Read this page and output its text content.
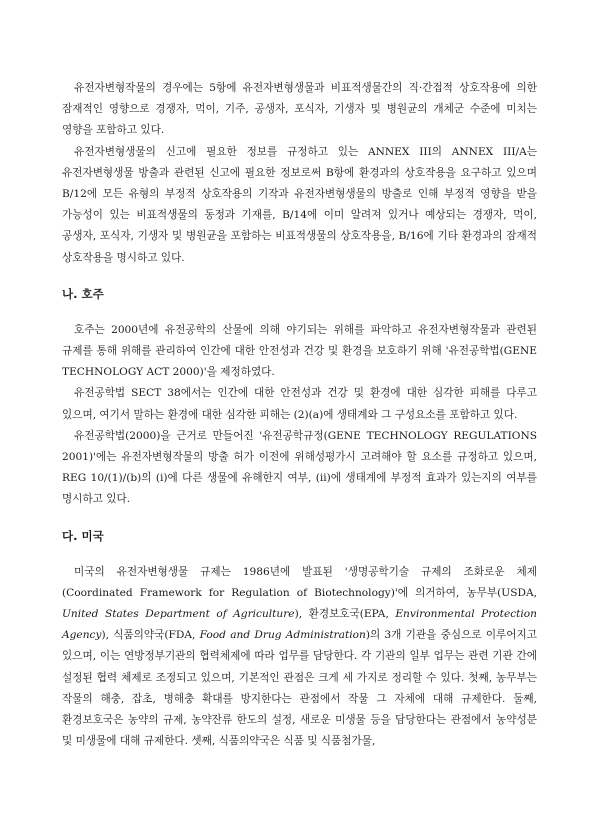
유전자변형작물의 경우에는 5항에 유전자변형생물과 비표적생물간의 직·간접적 상호작용에 의한 잠재적인 영향으로 경쟁자, 먹이, 기주, 공생자, 포식자, 기생자 및 병원균의 개체군 수준에 미치는 영향을 포함하고 있다.

유전자변형생물의 신고에 필요한 정보를 규정하고 있는 ANNEX III의 ANNEX III/A는 유전자변형생물 방출과 관련된 신고에 필요한 정보로써 B항에 환경과의 상호작용을 요구하고 있으며 B/12에 모든 유형의 부정적 상호작용의 기작과 유전자변형생물의 방출로 인해 부정적 영향을 받을 가능성이 있는 비표적생물의 동정과 기재를, B/14에 이미 알려져 있거나 예상되는 경쟁자, 먹이, 공생자, 포식자, 기생자 및 병원균을 포함하는 비표적생물의 상호작용을, B/16에 기타 환경과의 잠재적 상호작용을 명시하고 있다.

나. 호주

호주는 2000년에 유전공학의 산물에 의해 야기되는 위해를 파악하고 유전자변형작물과 관련된 규제를 통해 위해를 관리하여 인간에 대한 안전성과 건강 및 환경을 보호하기 위해 '유전공학법(GENE TECHNOLOGY ACT 2000)'을 제정하였다.

유전공학법 SECT 38에서는 인간에 대한 안전성과 건강 및 환경에 대한 심각한 피해를 다루고 있으며, 여기서 말하는 환경에 대한 심각한 피해는 (2)(a)에 생태계와 그 구성요소를 포함하고 있다.

유전공학법(2000)을 근거로 만들어진 '유전공학규정(GENE TECHNOLOGY REGULATIONS 2001)'에는 유전자변형작물의 방출 허가 이전에 위해성평가시 고려해야 할 요소를 규정하고 있으며, REG 10/(1)/(b)의 (i)에 다른 생물에 유해한지 여부, (ii)에 생태계에 부정적 효과가 있는지의 여부를 명시하고 있다.

다. 미국

미국의 유전자변형생물 규제는 1986년에 발표된 '생명공학기술 규제의 조화로운 체제(Coordinated Framework for Regulation of Biotechnology)'에 의거하여, 농무부(USDA, United States Department of Agriculture), 환경보호국(EPA, Environmental Protection Agency), 식품의약국(FDA, Food and Drug Administration)의 3개 기관을 중심으로 이루어지고 있으며, 이는 연방정부기관의 협력체제에 따라 업무를 담당한다. 각 기관의 일부 업무는 관련 기관 간에 설정된 협력 체제로 조정되고 있으며, 기본적인 관점은 크게 세 가지로 정리할 수 있다. 첫째, 농무부는 작물의 해충, 잡초, 병해충 확대를 방지한다는 관점에서 작물 그 자체에 대해 규제한다. 둘째, 환경보호국은 농약의 규제, 농약잔류 한도의 설정, 새로운 미생물 등을 담당한다는 관점에서 농약성분 및 미생물에 대해 규제한다. 셋째, 식품의약국은 식품 및 식품첨가물,
